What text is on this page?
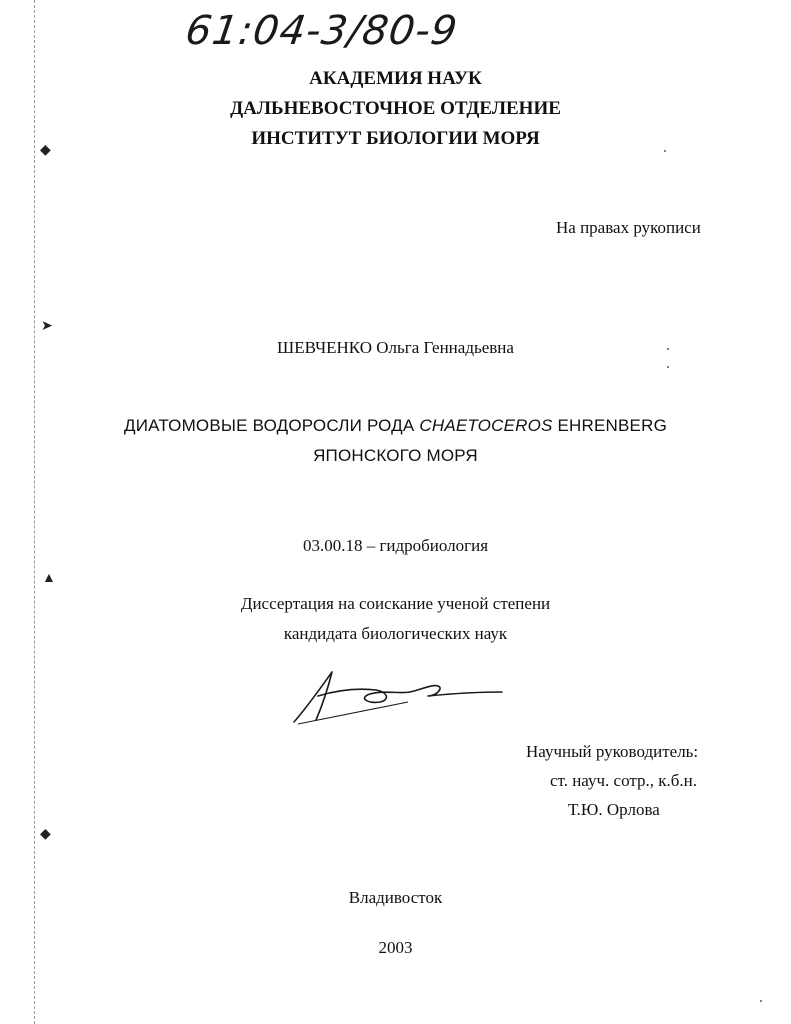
◆
➤
▲
◆
61:04-3/80-9
АКАДЕМИЯ НАУК
ДАЛЬНЕВОСТОЧНОЕ ОТДЕЛЕНИЕ
ИНСТИТУТ БИОЛОГИИ МОРЯ
На правах рукописи
ШЕВЧЕНКО Ольга Геннадьевна
ДИАТОМОВЫЕ ВОДОРОСЛИ РОДА CHAETOCEROS EHRENBERG
ЯПОНСКОГО МОРЯ
03.00.18 – гидробиология
Диссертация на соискание ученой степени
кандидата биологических наук
Научный руководитель:
ст. науч. сотр., к.б.н.
Т.Ю. Орлова
Владивосток
2003
